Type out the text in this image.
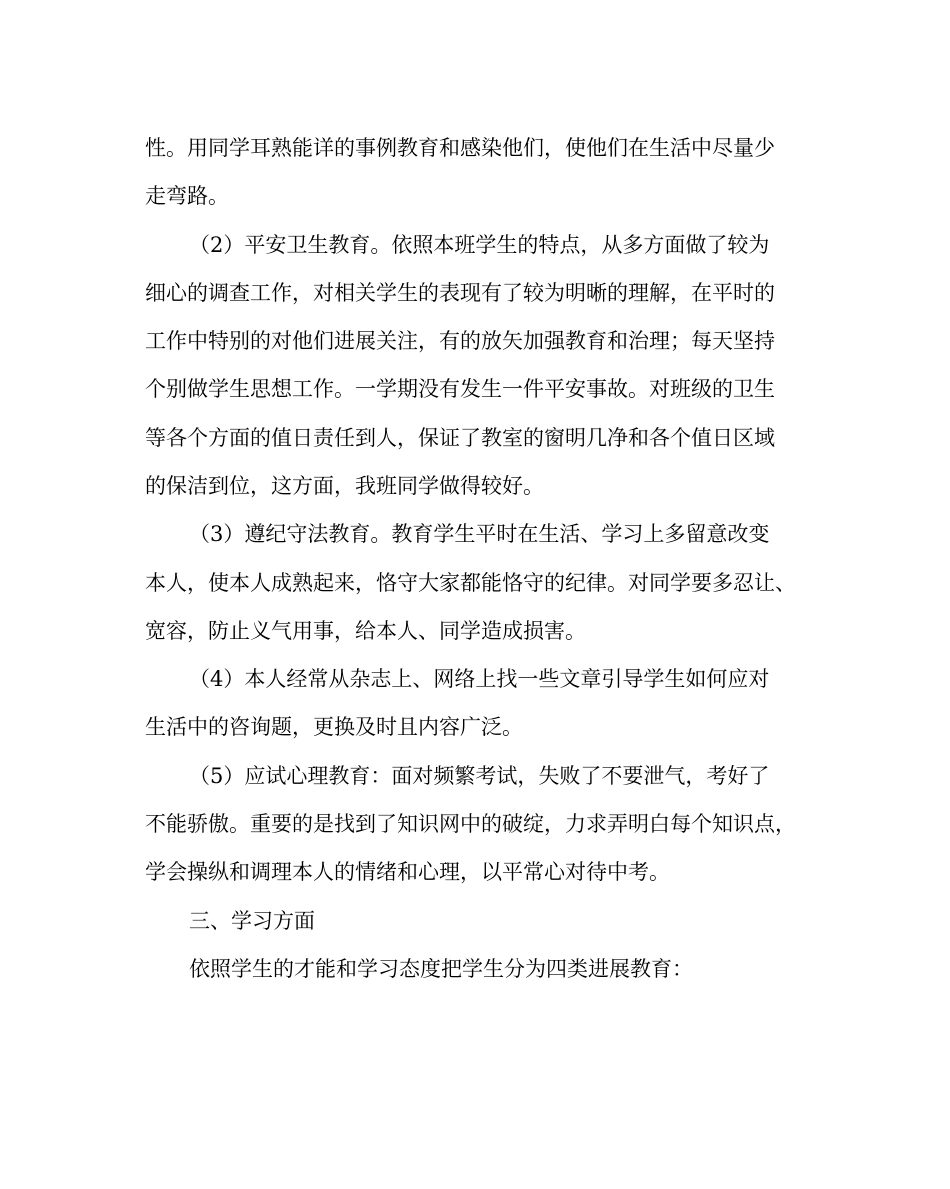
性。用同学耳熟能详的事例教育和感染他们，使他们在生活中尽量少
走弯路。
（2）平安卫生教育。依照本班学生的特点，从多方面做了较为
细心的调查工作，对相关学生的表现有了较为明晰的理解，在平时的
工作中特别的对他们进展关注，有的放矢加强教育和治理；每天坚持
个别做学生思想工作。一学期没有发生一件平安事故。对班级的卫生
等各个方面的值日责任到人，保证了教室的窗明几净和各个值日区域
的保洁到位，这方面，我班同学做得较好。
（3）遵纪守法教育。教育学生平时在生活、学习上多留意改变
本人，使本人成熟起来，恪守大家都能恪守的纪律。对同学要多忍让、
宽容，防止义气用事，给本人、同学造成损害。
（4）本人经常从杂志上、网络上找一些文章引导学生如何应对
生活中的咨询题，更换及时且内容广泛。
（5）应试心理教育：面对频繁考试，失败了不要泄气，考好了
不能骄傲。重要的是找到了知识网中的破绽，力求弄明白每个知识点，
学会操纵和调理本人的情绪和心理，以平常心对待中考。
三、学习方面
依照学生的才能和学习态度把学生分为四类进展教育：
